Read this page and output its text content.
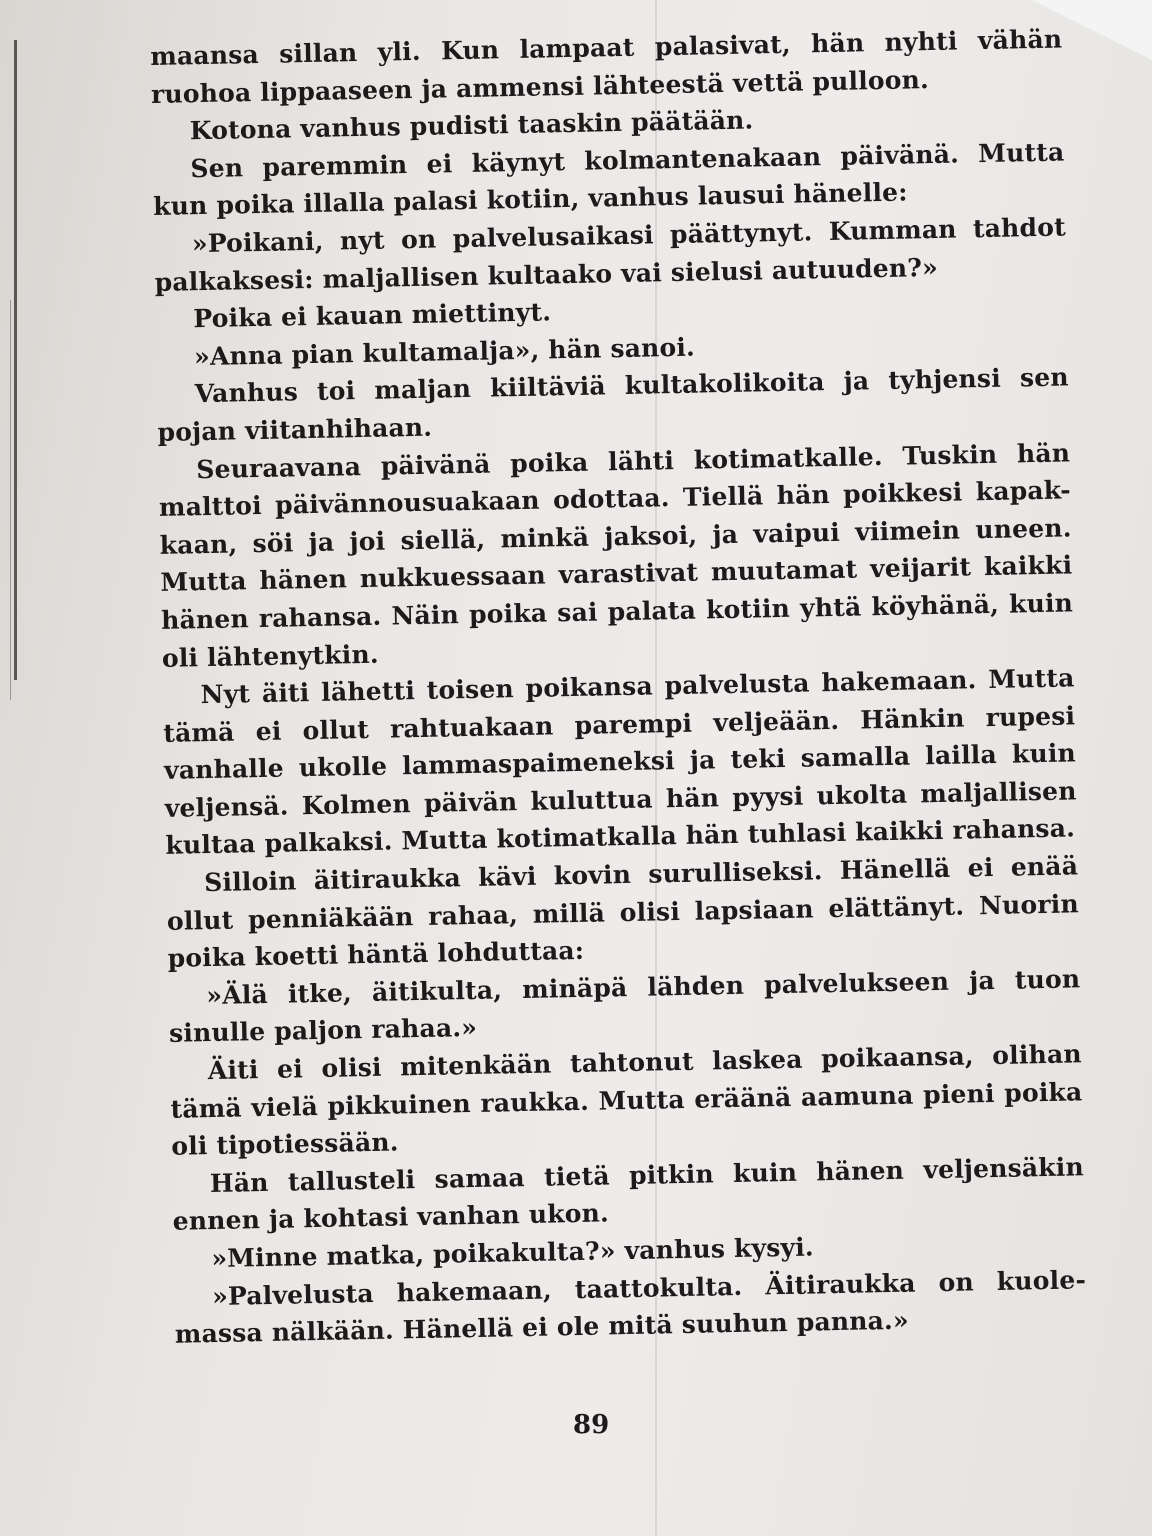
maansa sillan yli. Kun lampaat palasivat, hän nyhti vähän
ruohoa lippaaseen ja ammensi lähteestä vettä pulloon.
Kotona vanhus pudisti taaskin päätään.
Sen paremmin ei käynyt kolmantenakaan päivänä. Mutta
kun poika illalla palasi kotiin, vanhus lausui hänelle:
»Poikani, nyt on palvelusaikasi päättynyt. Kumman tahdot
palkaksesi: maljallisen kultaako vai sielusi autuuden?»
Poika ei kauan miettinyt.
»Anna pian kultamalja», hän sanoi.
Vanhus toi maljan kiiltäviä kultakolikoita ja tyhjensi sen
pojan viitanhihaan.
Seuraavana päivänä poika lähti kotimatkalle. Tuskin hän
malttoi päivännousuakaan odottaa. Tiellä hän poikkesi kapak-
kaan, söi ja joi siellä, minkä jaksoi, ja vaipui viimein uneen.
Mutta hänen nukkuessaan varastivat muutamat veijarit kaikki
hänen rahansa. Näin poika sai palata kotiin yhtä köyhänä, kuin
oli lähtenytkin.
Nyt äiti lähetti toisen poikansa palvelusta hakemaan. Mutta
tämä ei ollut rahtuakaan parempi veljeään. Hänkin rupesi
vanhalle ukolle lammaspaimeneksi ja teki samalla lailla kuin
veljensä. Kolmen päivän kuluttua hän pyysi ukolta maljallisen
kultaa palkaksi. Mutta kotimatkalla hän tuhlasi kaikki rahansa.
Silloin äitiraukka kävi kovin surulliseksi. Hänellä ei enää
ollut penniäkään rahaa, millä olisi lapsiaan elättänyt. Nuorin
poika koetti häntä lohduttaa:
»Älä itke, äitikulta, minäpä lähden palvelukseen ja tuon
sinulle paljon rahaa.»
Äiti ei olisi mitenkään tahtonut laskea poikaansa, olihan
tämä vielä pikkuinen raukka. Mutta eräänä aamuna pieni poika
oli tipotiessään.
Hän tallusteli samaa tietä pitkin kuin hänen veljensäkin
ennen ja kohtasi vanhan ukon.
»Minne matka, poikakulta?» vanhus kysyi.
»Palvelusta hakemaan, taattokulta. Äitiraukka on kuole-
massa nälkään. Hänellä ei ole mitä suuhun panna.»
89
